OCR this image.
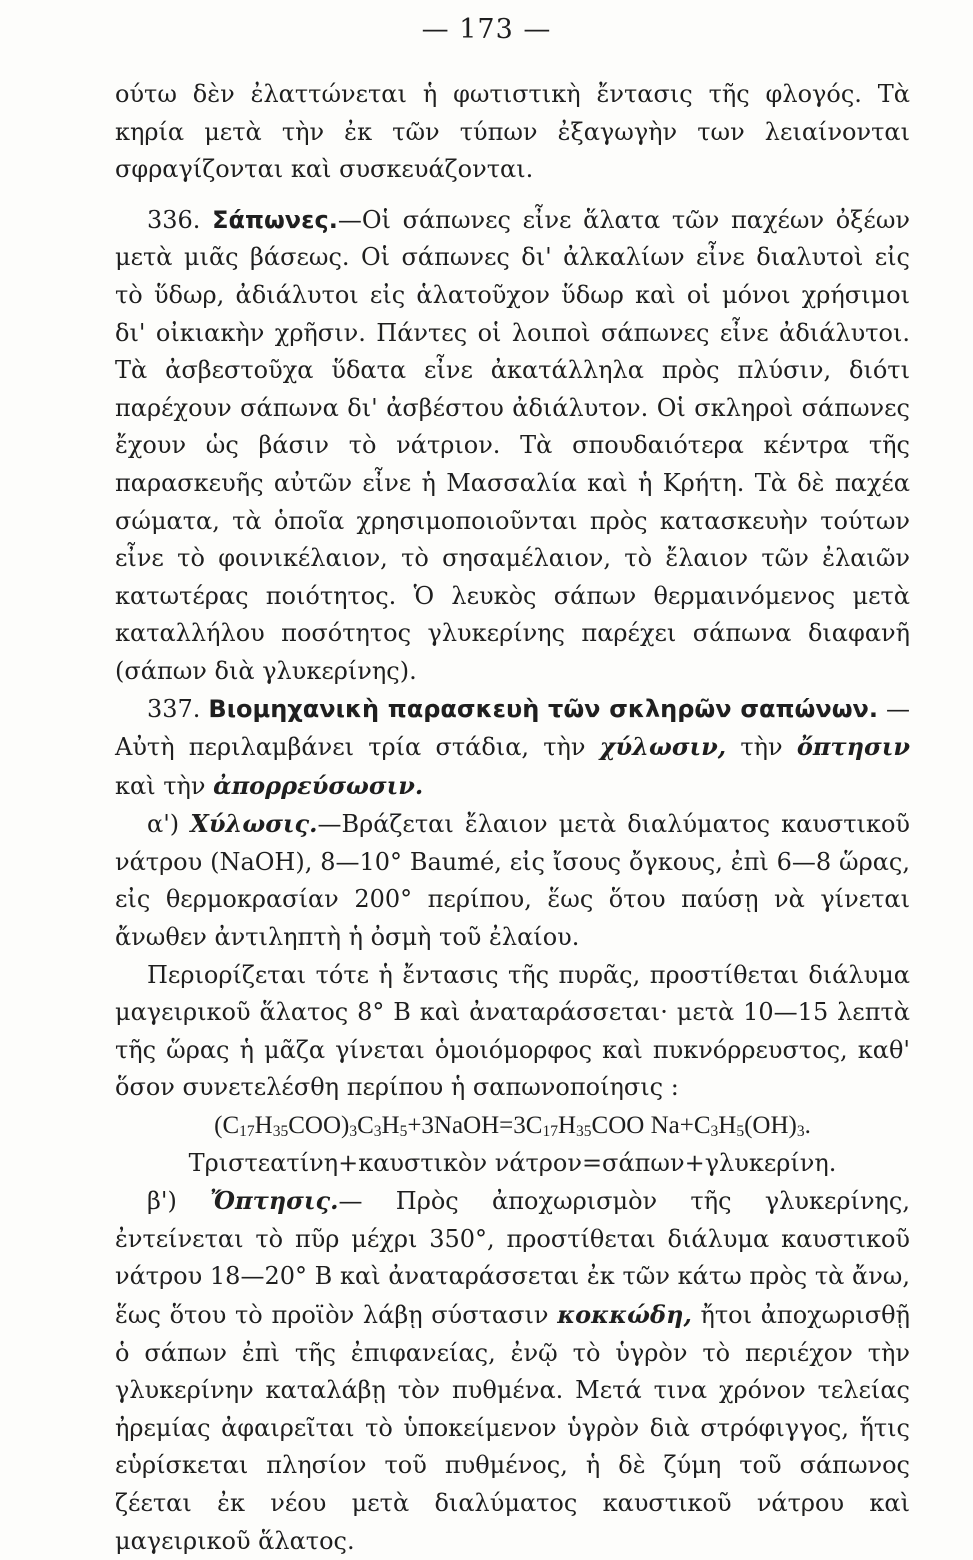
— 173 —

ούτω δὲν ἐλαττώνεται ἡ φωτιστικὴ ἔντασις τῆς φλογός. Τὰ κηρία μετὰ τὴν ἐκ τῶν τύπων ἐξαγωγὴν των λειαίνονται σφραγίζονται καὶ συσκευάζονται.

336. Σάπωνες.—Οἱ σάπωνες εἶνε ἅλατα τῶν παχέων ὀξέων μετὰ μιᾶς βάσεως. Οἱ σάπωνες δι' ἀλκαλίων εἶνε διαλυτοὶ εἰς τὸ ὕδωρ, ἀδιάλυτοι εἰς ἁλατοῦχον ὕδωρ καὶ οἱ μόνοι χρήσιμοι δι' οἰκιακὴν χρῆσιν. Πάντες οἱ λοιποὶ σάπωνες εἶνε ἀδιάλυτοι. Τὰ ἀσβεστοῦχα ὕδατα εἶνε ἀκατάλληλα πρὸς πλύσιν, διότι παρέχουν σάπωνα δι' ἀσβέστου ἀδιάλυτον. Οἱ σκληροὶ σάπωνες ἔχουν ὡς βάσιν τὸ νάτριον. Τὰ σπουδαιότερα κέντρα τῆς παρασκευῆς αὐτῶν εἶνε ἡ Μασσαλία καὶ ἡ Κρήτη. Τὰ δὲ παχέα σώματα, τὰ ὁποῖα χρησιμοποιοῦνται πρὸς κατασκευὴν τούτων εἶνε τὸ φοινικέλαιον, τὸ σησαμέλαιον, τὸ ἔλαιον τῶν ἐλαιῶν κατωτέρας ποιότητος. Ὁ λευκὸς σάπων θερμαινόμενος μετὰ καταλλήλου ποσότητος γλυκερίνης παρέχει σάπωνα διαφανῆ (σάπων διὰ γλυκερίνης).

337. Βιομηχανικὴ παρασκευὴ τῶν σκληρῶν σαπώνων. —Αὐτὴ περιλαμβάνει τρία στάδια, τὴν χύλωσιν, τὴν ὄπτησιν καὶ τὴν ἀπορρεύσωσιν.

α') Χύλωσις.—Βράζεται ἔλαιον μετὰ διαλύματος καυστικοῦ νάτρου (NaOH), 8—10° Baumé, εἰς ἴσους ὄγκους, ἐπὶ 6—8 ὥρας, εἰς θερμοκρασίαν 200° περίπου, ἕως ὅτου παύσῃ νὰ γίνεται ἄνωθεν ἀντιληπτὴ ἡ ὀσμὴ τοῦ ἐλαίου.

Περιορίζεται τότε ἡ ἔντασις τῆς πυρᾶς, προστίθεται διάλυμα μαγειρικοῦ ἅλατος 8° B καὶ ἀναταράσσεται· μετὰ 10—15 λεπτὰ τῆς ὥρας ἡ μᾶζα γίνεται ὁμοιόμορφος καὶ πυκνόρρευστος, καθ' ὅσον συνετελέσθη περίπου ἡ σαπωνοποίησις :

$(C_{17}H_{35}COO)_3C_3H_5+3NaOH=3C_{17}H_{35}COO$ $Na+C_3H_5(OH)_3$.

Τριστεατίνη+καυστικὸν νάτρον=σάπων+γλυκερίνη.

β') Ὄπτησις.— Πρὸς ἀποχωρισμὸν τῆς γλυκερίνης, ἐντείνεται τὸ πῦρ μέχρι 350°, προστίθεται διάλυμα καυστικοῦ νάτρου 18—20° B καὶ ἀναταράσσεται ἐκ τῶν κάτω πρὸς τὰ ἄνω, ἕως ὅτου τὸ προϊὸν λάβῃ σύστασιν κοκκώδη, ἤτοι ἀποχωρισθῇ ὁ σάπων ἐπὶ τῆς ἐπιφανείας, ἐνῷ τὸ ὑγρὸν τὸ περιέχον τὴν γλυκερίνην καταλάβῃ τὸν πυθμένα. Μετά τινα χρόνον τελείας ἠρεμίας ἀφαιρεῖται τὸ ὑποκείμενον ὑγρὸν διὰ στρόφιγγος, ἥτις εὑρίσκεται πλησίον τοῦ πυθμένος, ἡ δὲ ζύμη τοῦ σάπωνος ζέεται ἐκ νέου μετὰ διαλύματος καυστικοῦ νάτρου καὶ μαγειρικοῦ ἅλατος.
